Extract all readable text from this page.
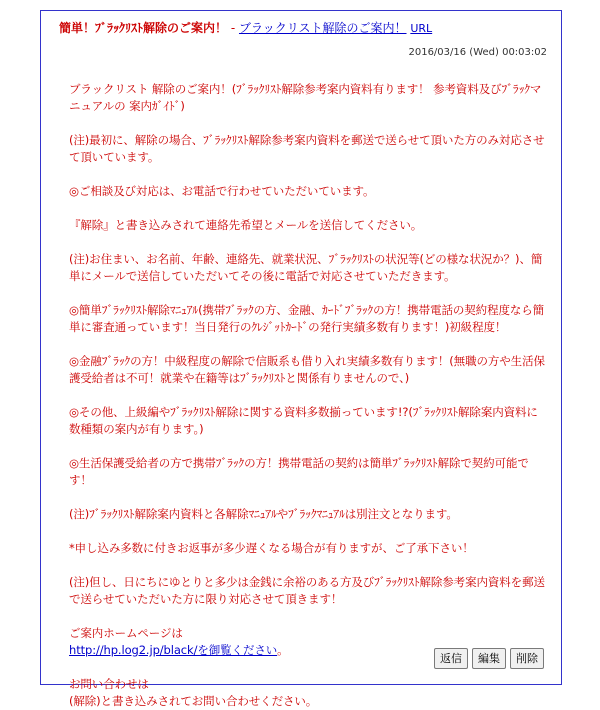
簡単！ﾌﾞﾗｯｸﾘｽﾄ解除のご案内！ - ブラックリスト解除のご案内！ URL
2016/03/16 (Wed) 00:03:02

ブラックリスト 解除のご案内！(ﾌﾞﾗｯｸﾘｽﾄ解除参考案内資料有ります！ 参考資料及びﾌﾞﾗｯｸマニュアルの 案内ｶﾞｲﾄﾞ)

(注)最初に、解除の場合、ﾌﾞﾗｯｸﾘｽﾄ解除参考案内資料を郵送で送らせて頂いた方のみ対応させて頂いています。

◎ご相談及び対応は、お電話で行わせていただいています。

『解除』と書き込みされて連絡先希望とメールを送信してください。

(注)お住まい、お名前、年齢、連絡先、就業状況、ﾌﾞﾗｯｸﾘｽﾄの状況等(どの様な状況か？)、簡単にメールで送信していただいてその後に電話で対応させていただきます。

◎簡単ﾌﾞﾗｯｸﾘｽﾄ解除ﾏﾆｭｱﾙ(携帯ﾌﾞﾗｯｸの方、金融、ｶｰﾄﾞﾌﾞﾗｯｸの方！携帯電話の契約程度なら簡単に審査通っています！当日発行のｸﾚｼﾞｯﾄｶｰﾄﾞの発行実績多数有ります！)初級程度！

◎金融ﾌﾞﾗｯｸの方！中級程度の解除で信販系も借り入れ実績多数有ります！(無職の方や生活保護受給者は不可！就業や在籍等はﾌﾞﾗｯｸﾘｽﾄと関係有りませんので、)

◎その他、上級編やﾌﾞﾗｯｸﾘｽﾄ解除に関する資料多数揃っています!?(ﾌﾞﾗｯｸﾘｽﾄ解除案内資料に数種類の案内が有ります。)

◎生活保護受給者の方で携帯ﾌﾞﾗｯｸの方！携帯電話の契約は簡単ﾌﾞﾗｯｸﾘｽﾄ解除で契約可能です！

(注)ﾌﾞﾗｯｸﾘｽﾄ解除案内資料と各解除ﾏﾆｭｱﾙやﾌﾞﾗｯｸﾏﾆｭｱﾙは別注文となります。

*申し込み多数に付きお返事が多少遅くなる場合が有りますが、ご了承下さい！

(注)但し、日にちにゆとりと多少は金銭に余裕のある方及びﾌﾞﾗｯｸﾘｽﾄ解除参考案内資料を郵送で送らせていただいた方に限り対応させて頂きます！

ご案内ホームページは

http://hp.log2.jp/black/を御覧ください。

お問い合わせは

(解除)と書き込みされてお問い合わせください。

返信	編集	削除
